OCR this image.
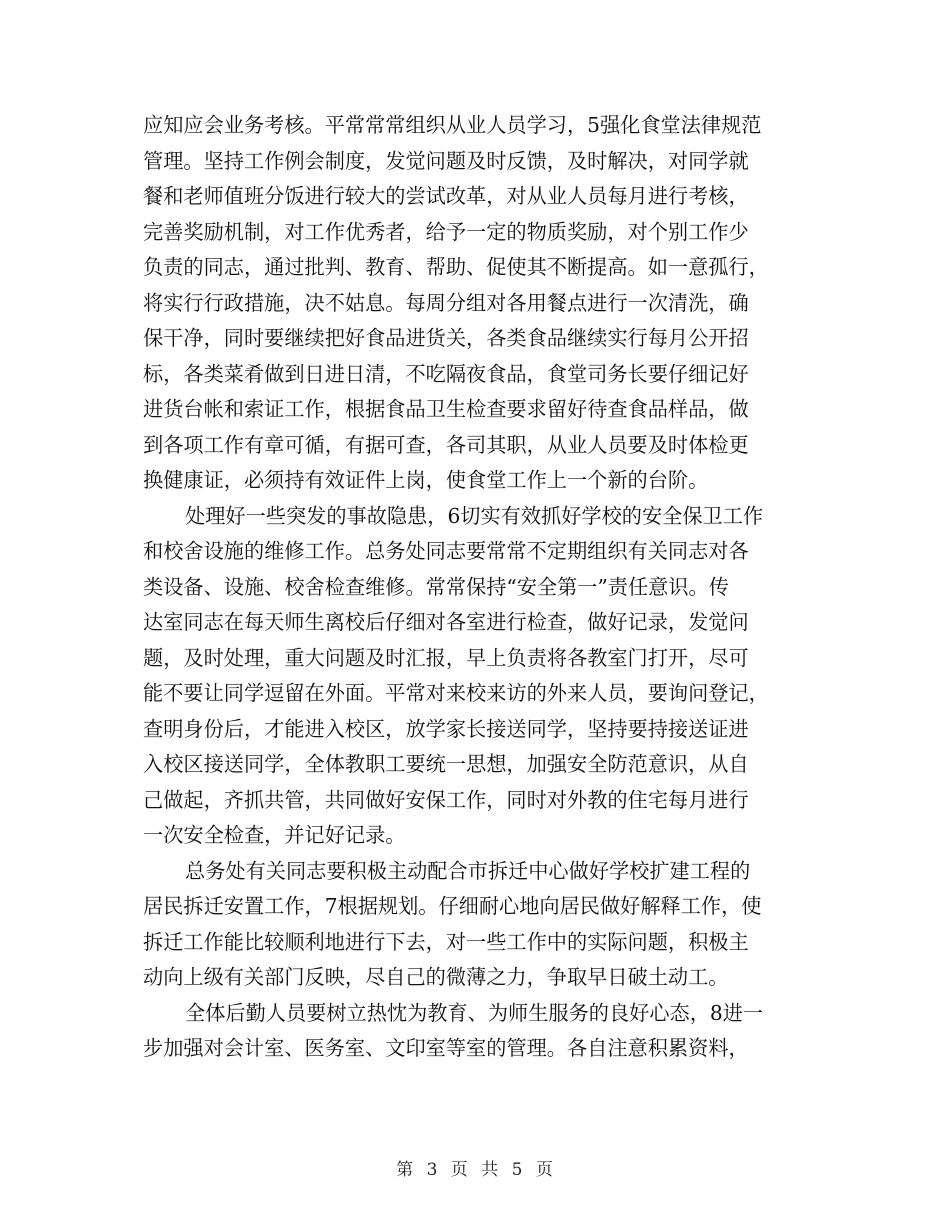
应知应会业务考核。平常常常组织从业人员学习，5强化食堂法律规范
管理。坚持工作例会制度，发觉问题及时反馈，及时解决，对同学就
餐和老师值班分饭进行较大的尝试改革，对从业人员每月进行考核，
完善奖励机制，对工作优秀者，给予一定的物质奖励，对个别工作少
负责的同志，通过批判、教育、帮助、促使其不断提高。如一意孤行，
将实行行政措施，决不姑息。每周分组对各用餐点进行一次清洗，确
保干净，同时要继续把好食品进货关，各类食品继续实行每月公开招
标，各类菜肴做到日进日清，不吃隔夜食品，食堂司务长要仔细记好
进货台帐和索证工作，根据食品卫生检查要求留好待查食品样品，做
到各项工作有章可循，有据可查，各司其职，从业人员要及时体检更
换健康证，必须持有效证件上岗，使食堂工作上一个新的台阶。
处理好一些突发的事故隐患，6切实有效抓好学校的安全保卫工作
和校舍设施的维修工作。总务处同志要常常不定期组织有关同志对各
类设备、设施、校舍检查维修。常常保持“安全第一”责任意识。传
达室同志在每天师生离校后仔细对各室进行检查，做好记录，发觉问
题，及时处理，重大问题及时汇报，早上负责将各教室门打开，尽可
能不要让同学逗留在外面。平常对来校来访的外来人员，要询问登记，
查明身份后，才能进入校区，放学家长接送同学，坚持要持接送证进
入校区接送同学，全体教职工要统一思想，加强安全防范意识，从自
己做起，齐抓共管，共同做好安保工作，同时对外教的住宅每月进行
一次安全检查，并记好记录。
总务处有关同志要积极主动配合市拆迁中心做好学校扩建工程的
居民拆迁安置工作，7根据规划。仔细耐心地向居民做好解释工作，使
拆迁工作能比较顺利地进行下去，对一些工作中的实际问题，积极主
动向上级有关部门反映，尽自己的微薄之力，争取早日破土动工。
全体后勤人员要树立热忱为教育、为师生服务的良好心态，8进一
步加强对会计室、医务室、文印室等室的管理。各自注意积累资料，
第 3 页 共 5 页
